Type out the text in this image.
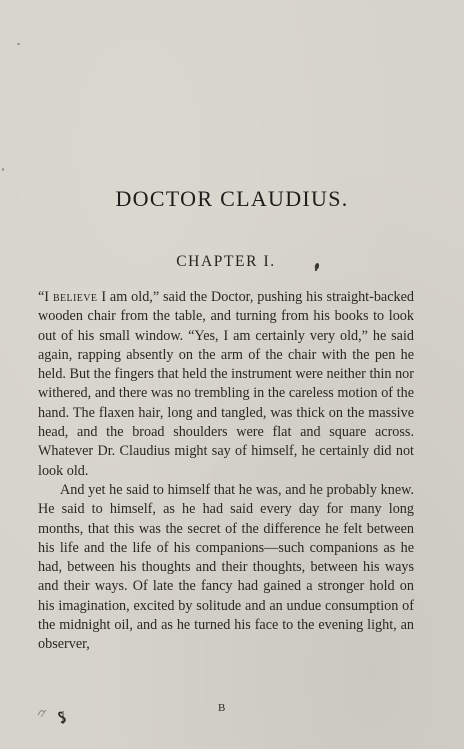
DOCTOR CLAUDIUS.
CHAPTER I.

“I believe I am old,” said the Doctor, pushing his straight-backed wooden chair from the table, and turning from his books to look out of his small window. “Yes, I am certainly very old,” he said again, rapping absently on the arm of the chair with the pen he held. But the fingers that held the instrument were neither thin nor withered, and there was no trembling in the careless motion of the hand. The flaxen hair, long and tangled, was thick on the massive head, and the broad shoulders were flat and square across. Whatever Dr. Claudius might say of himself, he certainly did not look old.

And yet he said to himself that he was, and he probably knew. He said to himself, as he had said every day for many long months, that this was the secret of the difference he felt between his life and the life of his companions—such companions as he had, between his thoughts and their thoughts, between his ways and their ways. Of late the fancy had gained a stronger hold on his imagination, excited by solitude and an undue consumption of the midnight oil, and as he turned his face to the evening light, an observer,

B
